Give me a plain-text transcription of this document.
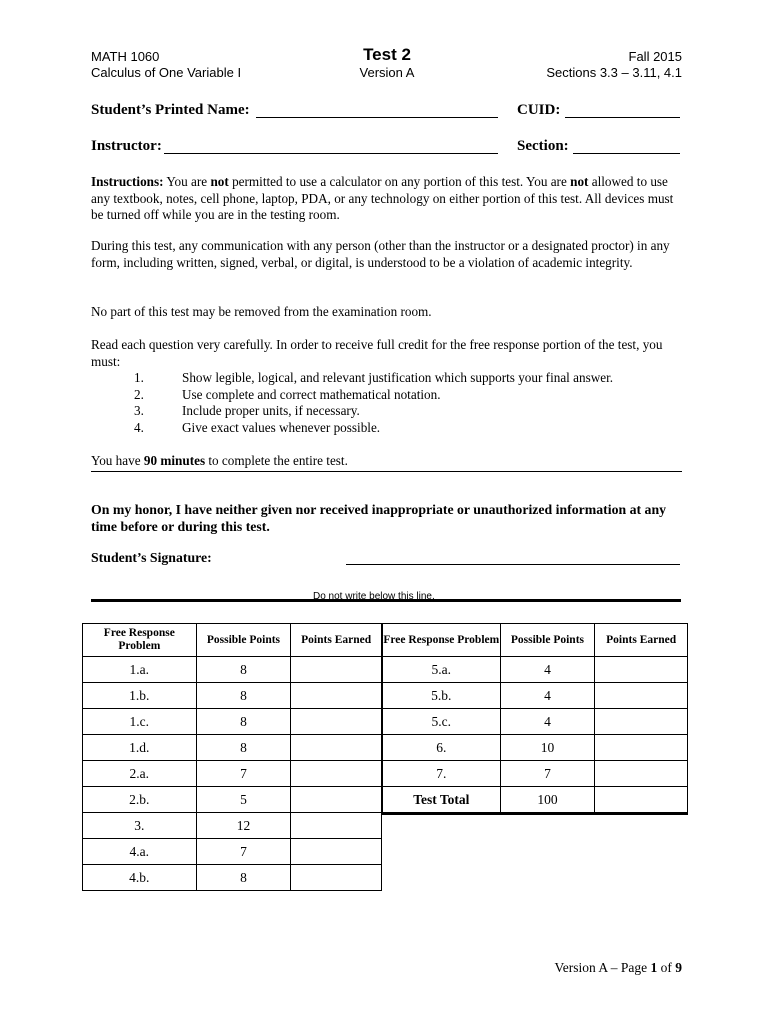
MATH 1060
Calculus of One Variable I
Test 2
Version A
Fall 2015
Sections 3.3 – 3.11, 4.1
Student’s Printed Name:	CUID:
Instructor:	Section:
Instructions: You are not permitted to use a calculator on any portion of this test. You are not allowed to use any textbook, notes, cell phone, laptop, PDA, or any technology on either portion of this test. All devices must be turned off while you are in the testing room.
During this test, any communication with any person (other than the instructor or a designated proctor) in any form, including written, signed, verbal, or digital, is understood to be a violation of academic integrity.
No part of this test may be removed from the examination room.
Read each question very carefully. In order to receive full credit for the free response portion of the test, you must:
1.	Show legible, logical, and relevant justification which supports your final answer.
2.	Use complete and correct mathematical notation.
3.	Include proper units, if necessary.
4.	Give exact values whenever possible.
You have 90 minutes to complete the entire test.
On my honor, I have neither given nor received inappropriate or unauthorized information at any time before or during this test.
Student’s Signature:
Do not write below this line.
Free Response Problem	Possible Points	Points Earned
1.a.	8	
1.b.	8	
1.c.	8	
1.d.	8	
2.a.	7	
2.b.	5	
3.	12	
4.a.	7	
4.b.	8	
Free Response Problem	Possible Points	Points Earned
5.a.	4	
5.b.	4	
5.c.	4	
6.	10	
7.	7	
Test Total	100	
Version A – Page 1 of 9
